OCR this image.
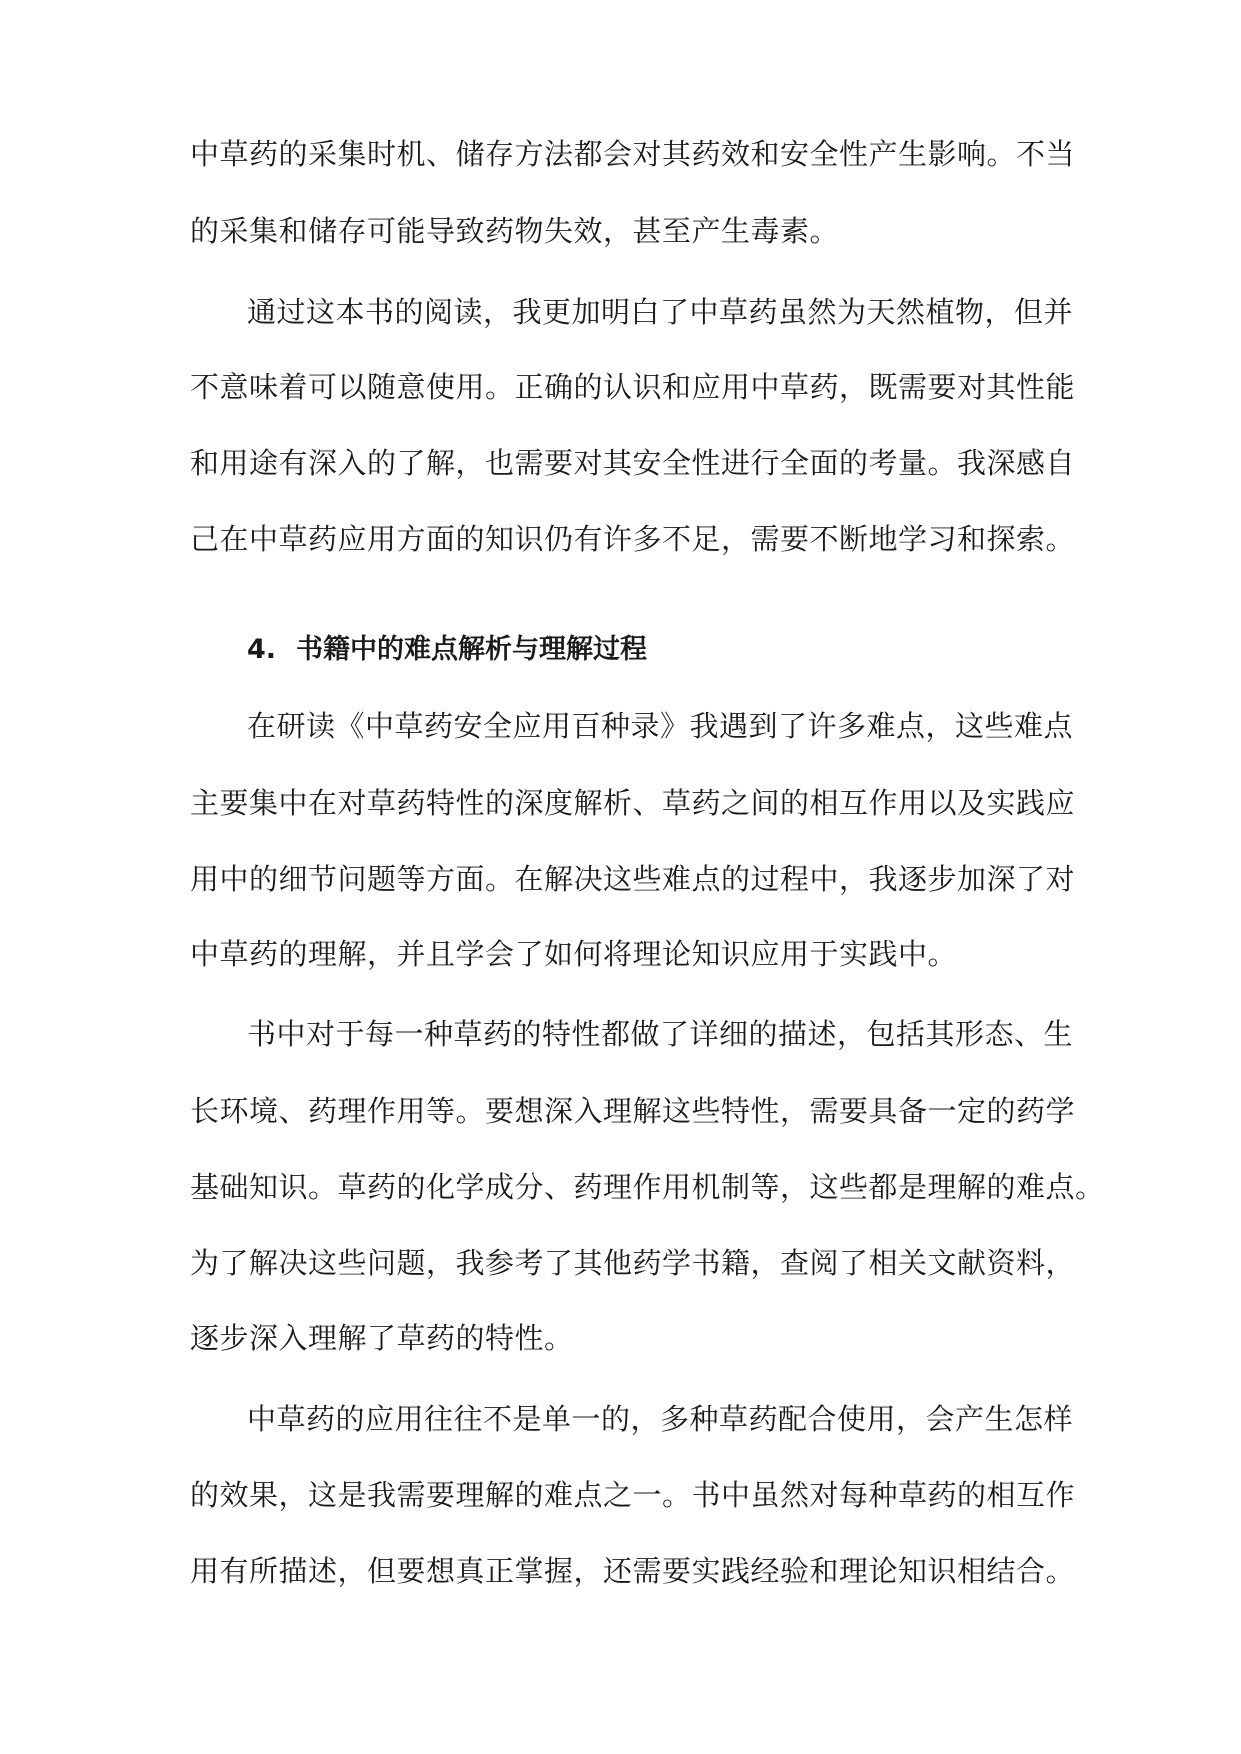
中草药的采集时机、储存方法都会对其药效和安全性产生影响。不当
的采集和储存可能导致药物失效，甚至产生毒素。
通过这本书的阅读，我更加明白了中草药虽然为天然植物，但并
不意味着可以随意使用。正确的认识和应用中草药，既需要对其性能
和用途有深入的了解，也需要对其安全性进行全面的考量。我深感自
己在中草药应用方面的知识仍有许多不足，需要不断地学习和探索。
4. 书籍中的难点解析与理解过程
在研读《中草药安全应用百种录》我遇到了许多难点，这些难点
主要集中在对草药特性的深度解析、草药之间的相互作用以及实践应
用中的细节问题等方面。在解决这些难点的过程中，我逐步加深了对
中草药的理解，并且学会了如何将理论知识应用于实践中。
书中对于每一种草药的特性都做了详细的描述，包括其形态、生
长环境、药理作用等。要想深入理解这些特性，需要具备一定的药学
基础知识。草药的化学成分、药理作用机制等，这些都是理解的难点。
为了解决这些问题，我参考了其他药学书籍，查阅了相关文献资料，
逐步深入理解了草药的特性。
中草药的应用往往不是单一的，多种草药配合使用，会产生怎样
的效果，这是我需要理解的难点之一。书中虽然对每种草药的相互作
用有所描述，但要想真正掌握，还需要实践经验和理论知识相结合。
